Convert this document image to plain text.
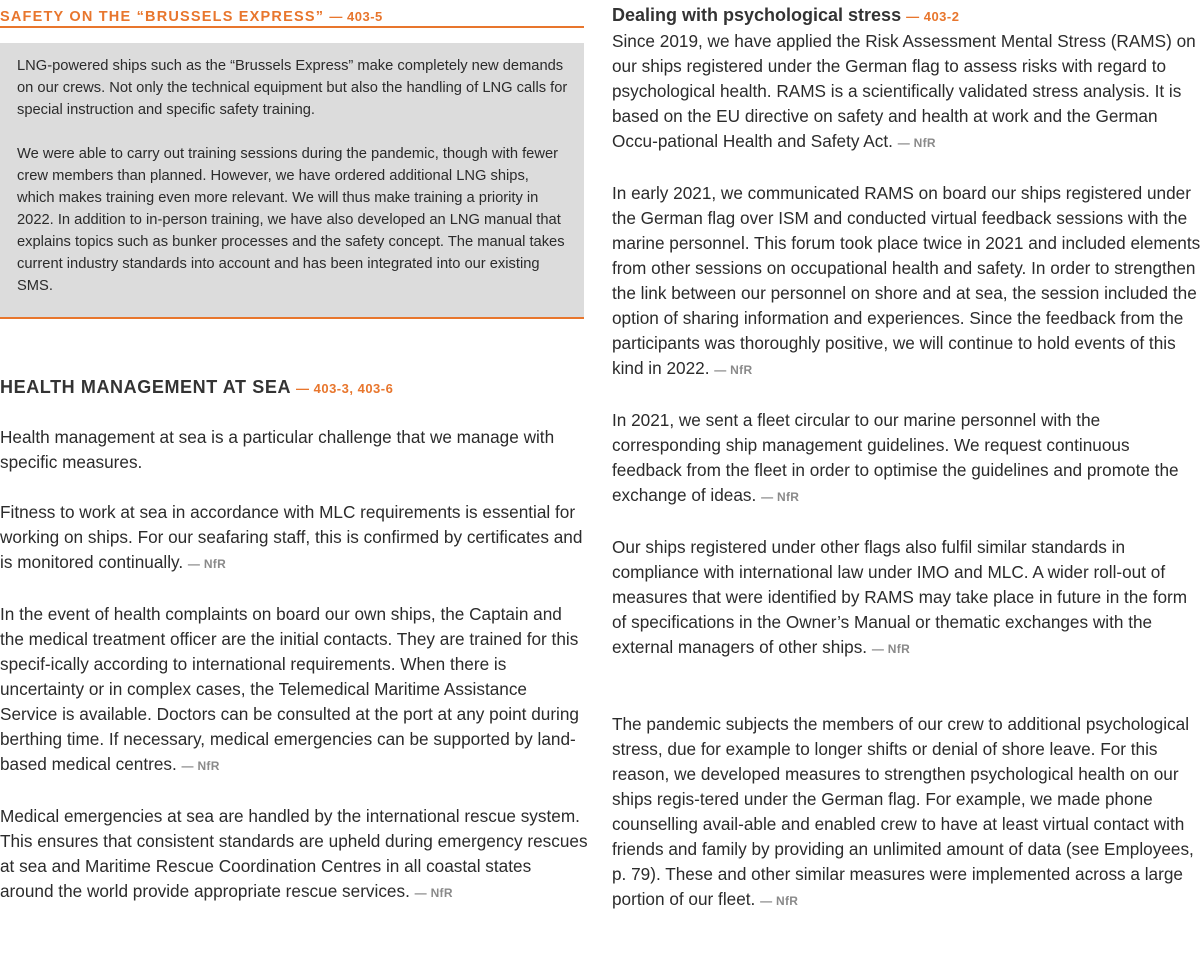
SAFETY ON THE “BRUSSELS EXPRESS” — 403-5

LNG-powered ships such as the “Brussels Express” make completely new demands on our crews. Not only the technical equipment but also the handling of LNG calls for special instruction and specific safety training.

We were able to carry out training sessions during the pandemic, though with fewer crew members than planned. However, we have ordered additional LNG ships, which makes training even more relevant. We will thus make training a priority in 2022. In addition to in-person training, we have also developed an LNG manual that explains topics such as bunker processes and the safety concept. The manual takes current industry standards into account and has been integrated into our existing SMS.

HEALTH MANAGEMENT AT SEA — 403-3, 403-6

Health management at sea is a particular challenge that we manage with specific measures.

Fitness to work at sea in accordance with MLC requirements is essential for working on ships. For our seafaring staff, this is confirmed by certificates and is monitored continually. — NfR

In the event of health complaints on board our own ships, the Captain and the medical treatment officer are the initial contacts. They are trained for this specif-ically according to international requirements. When there is uncertainty or in complex cases, the Telemedical Maritime Assistance Service is available. Doctors can be consulted at the port at any point during berthing time. If necessary, medical emergencies can be supported by land-based medical centres. — NfR

Medical emergencies at sea are handled by the international rescue system. This ensures that consistent standards are upheld during emergency rescues at sea and Maritime Rescue Coordination Centres in all coastal states around the world provide appropriate rescue services. — NfR

Dealing with psychological stress — 403-2

Since 2019, we have applied the Risk Assessment Mental Stress (RAMS) on our ships registered under the German flag to assess risks with regard to psychological health. RAMS is a scientifically validated stress analysis. It is based on the EU directive on safety and health at work and the German Occu-pational Health and Safety Act. — NfR

In early 2021, we communicated RAMS on board our ships registered under the German flag over ISM and conducted virtual feedback sessions with the marine personnel. This forum took place twice in 2021 and included elements from other sessions on occupational health and safety. In order to strengthen the link between our personnel on shore and at sea, the session included the option of sharing information and experiences. Since the feedback from the participants was thoroughly positive, we will continue to hold events of this kind in 2022. — NfR

In 2021, we sent a fleet circular to our marine personnel with the corresponding ship management guidelines. We request continuous feedback from the fleet in order to optimise the guidelines and promote the exchange of ideas. — NfR

Our ships registered under other flags also fulfil similar standards in compliance with international law under IMO and MLC. A wider roll-out of measures that were identified by RAMS may take place in future in the form of specifications in the Owner’s Manual or thematic exchanges with the external managers of other ships. — NfR

The pandemic subjects the members of our crew to additional psychological stress, due for example to longer shifts or denial of shore leave. For this reason, we developed measures to strengthen psychological health on our ships regis-tered under the German flag. For example, we made phone counselling avail-able and enabled crew to have at least virtual contact with friends and family by providing an unlimited amount of data (see Employees, p. 79). These and other similar measures were implemented across a large portion of our fleet. — NfR
